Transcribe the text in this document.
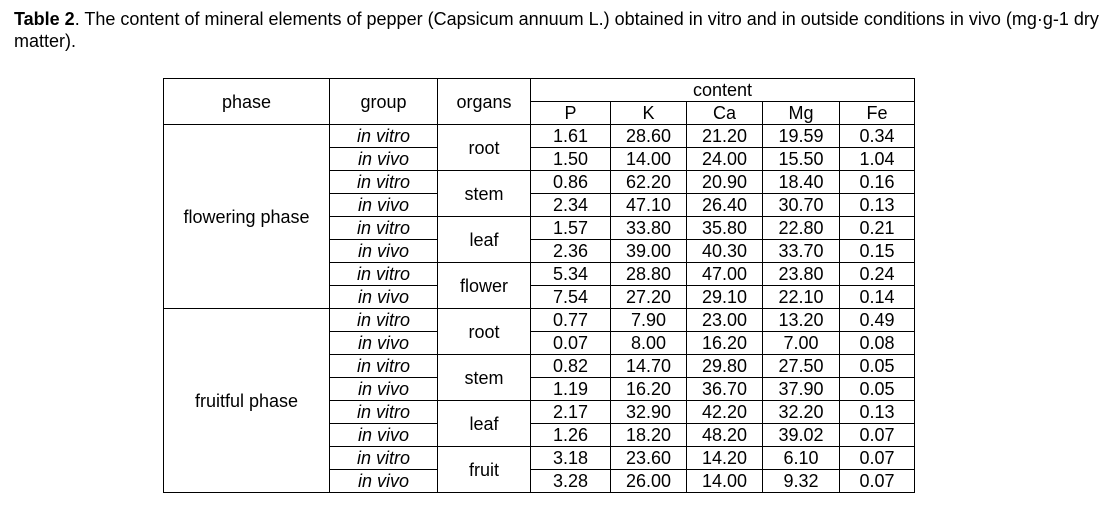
Table 2. The content of mineral elements of pepper (Capsicum annuum L.) obtained in vitro and in outside conditions in vivo (mg·g-1 dry matter).
phase	group	organs	content				
			P	K	Ca	Mg	Fe
flowering phase	in vitro	root	1.61	28.60	21.20	19.59	0.34
	in vivo		1.50	14.00	24.00	15.50	1.04
	in vitro	stem	0.86	62.20	20.90	18.40	0.16
	in vivo		2.34	47.10	26.40	30.70	0.13
	in vitro	leaf	1.57	33.80	35.80	22.80	0.21
	in vivo		2.36	39.00	40.30	33.70	0.15
	in vitro	flower	5.34	28.80	47.00	23.80	0.24
	in vivo		7.54	27.20	29.10	22.10	0.14
fruitful phase	in vitro	root	0.77	7.90	23.00	13.20	0.49
	in vivo		0.07	8.00	16.20	7.00	0.08
	in vitro	stem	0.82	14.70	29.80	27.50	0.05
	in vivo		1.19	16.20	36.70	37.90	0.05
	in vitro	leaf	2.17	32.90	42.20	32.20	0.13
	in vivo		1.26	18.20	48.20	39.02	0.07
	in vitro	fruit	3.18	23.60	14.20	6.10	0.07
	in vivo		3.28	26.00	14.00	9.32	0.07
